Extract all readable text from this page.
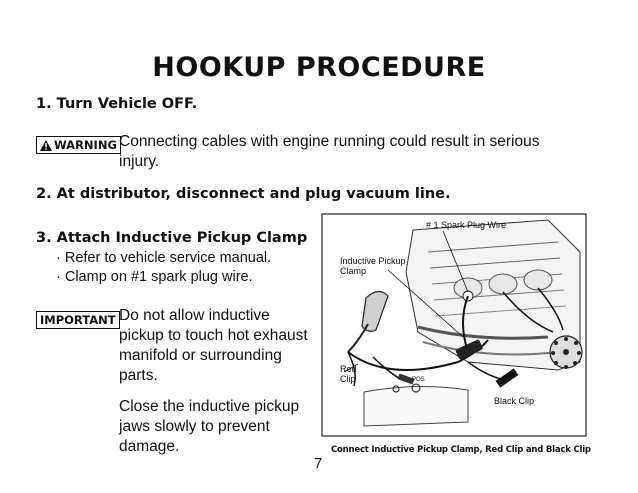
HOOKUP PROCEDURE
1. Turn Vehicle OFF.
WARNING Connecting cables with engine running could result in serious
injury.
2. At distributor, disconnect and plug vacuum line.
3. Attach Inductive Pickup Clamp
· Refer to vehicle service manual.
· Clamp on #1 spark plug wire.
IMPORTANT Do not allow inductive
pickup to touch hot exhaust
manifold or surrounding
parts.
Close the inductive pickup
jaws slowly to prevent
damage.
POS.
# 1 Spark Plug Wire
Inductive Pickup
Clamp
Red
Clip
Black Clip
Connect Inductive Pickup Clamp, Red Clip and Black Clip
7
